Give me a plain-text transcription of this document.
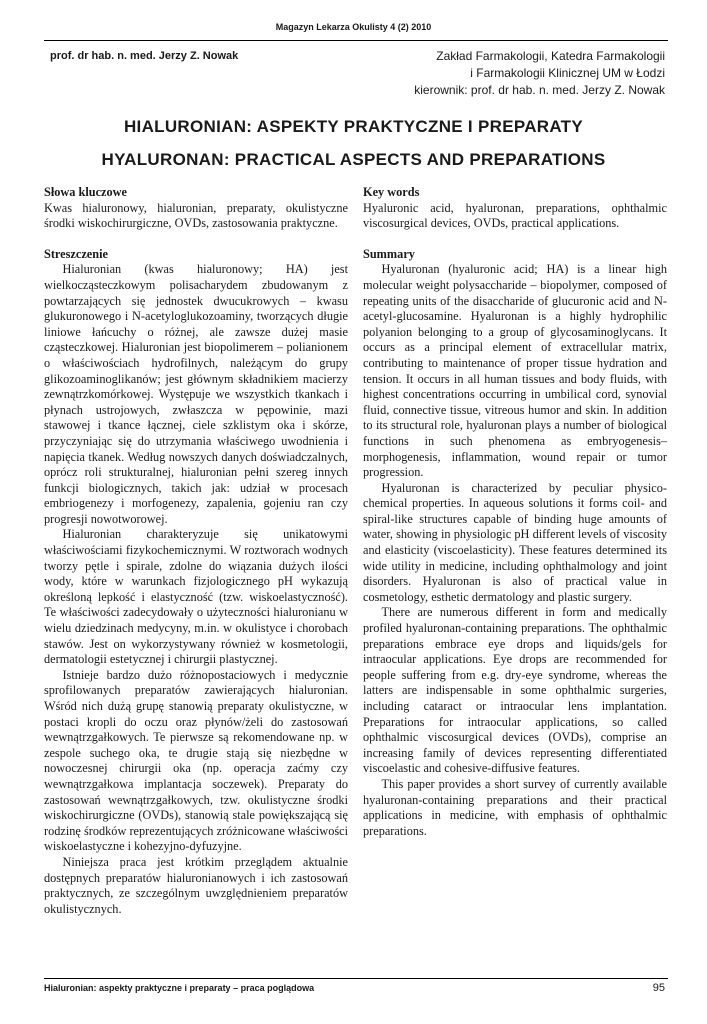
Magazyn Lekarza Okulisty 4 (2) 2010
prof. dr hab. n. med. Jerzy Z. Nowak	Zakład Farmakologii, Katedra Farmakologii
i Farmakologii Klinicznej UM w Łodzi
kierownik: prof. dr hab. n. med. Jerzy Z. Nowak
HIALURONIAN: ASPEKTY PRAKTYCZNE I PREPARATY
HYALURONAN: PRACTICAL ASPECTS AND PREPARATIONS

Słowa kluczowe

Kwas hialuronowy, hialuronian, preparaty, okulistyczne środki wiskochirurgiczne, OVDs, zastosowania praktyczne.

Streszczenie

Hialuronian (kwas hialuronowy; HA) jest wielkocząsteczkowym polisacharydem zbudowanym z powtarzających się jednostek dwucukrowych – kwasu glukuronowego i N-acetyloglukozoaminy, tworzących długie liniowe łańcuchy o różnej, ale zawsze dużej masie cząsteczkowej. Hialuronian jest biopolimerem – polianionem o właściwościach hydrofilnych, należącym do grupy glikozoaminoglikanów; jest głównym składnikiem macierzy zewnątrzkomórkowej. Występuje we wszystkich tkankach i płynach ustrojowych, zwłaszcza w pępowinie, mazi stawowej i tkance łącznej, ciele szklistym oka i skórze, przyczyniając się do utrzymania właściwego uwodnienia i napięcia tkanek. Według nowszych danych doświadczalnych, oprócz roli strukturalnej, hialuronian pełni szereg innych funkcji biologicznych, takich jak: udział w procesach embriogenezy i morfogenezy, zapalenia, gojeniu ran czy progresji nowotworowej.

Hialuronian charakteryzuje się unikatowymi właściwościami fizykochemicznymi. W roztworach wodnych tworzy pętle i spirale, zdolne do wiązania dużych ilości wody, które w warunkach fizjologicznego pH wykazują określoną lepkość i elastyczność (tzw. wiskoelastyczność). Te właściwości zadecydowały o użyteczności hialuronianu w wielu dziedzinach medycyny, m.in. w okulistyce i chorobach stawów. Jest on wykorzystywany również w kosmetologii, dermatologii estetycznej i chirurgii plastycznej.

Istnieje bardzo dużo różnopostaciowych i medycznie sprofilowanych preparatów zawierających hialuronian. Wśród nich dużą grupę stanowią preparaty okulistyczne, w postaci kropli do oczu oraz płynów/żeli do zastosowań wewnątrzgałkowych. Te pierwsze są rekomendowane np. w zespole suchego oka, te drugie stają się niezbędne w nowoczesnej chirurgii oka (np. operacja zaćmy czy wewnątrzgałkowa implantacja soczewek). Preparaty do zastosowań wewnątrzgałkowych, tzw. okulistyczne środki wiskochirurgiczne (OVDs), stanowią stale powiększającą się rodzinę środków reprezentujących zróżnicowane właściwości wiskoelastyczne i kohezyjno-dyfuzyjne.

Niniejsza praca jest krótkim przeglądem aktualnie dostępnych preparatów hialuronianowych i ich zastosowań praktycznych, ze szczególnym uwzględnieniem preparatów okulistycznych.

Key words

Hyaluronic acid, hyaluronan, preparations, ophthalmic viscosurgical devices, OVDs, practical applications.

Summary

Hyaluronan (hyaluronic acid; HA) is a linear high molecular weight polysaccharide – biopolymer, composed of repeating units of the disaccharide of glucuronic acid and N-acetyl-glucosamine. Hyaluronan is a highly hydrophilic polyanion belonging to a group of glycosaminoglycans. It occurs as a principal element of extracellular matrix, contributing to maintenance of proper tissue hydration and tension. It occurs in all human tissues and body fluids, with highest concentrations occurring in umbilical cord, synovial fluid, connective tissue, vitreous humor and skin. In addition to its structural role, hyaluronan plays a number of biological functions in such phenomena as embryogenesis–morphogenesis, inflammation, wound repair or tumor progression.

Hyaluronan is characterized by peculiar physico-chemical properties. In aqueous solutions it forms coil- and spiral-like structures capable of binding huge amounts of water, showing in physiologic pH different levels of viscosity and elasticity (viscoelasticity). These features determined its wide utility in medicine, including ophthalmology and joint disorders. Hyaluronan is also of practical value in cosmetology, esthetic dermatology and plastic surgery.

There are numerous different in form and medically profiled hyaluronan-containing preparations. The ophthalmic preparations embrace eye drops and liquids/gels for intraocular applications. Eye drops are recommended for people suffering from e.g. dry-eye syndrome, whereas the latters are indispensable in some ophthalmic surgeries, including cataract or intraocular lens implantation. Preparations for intraocular applications, so called ophthalmic viscosurgical devices (OVDs), comprise an increasing family of devices representing differentiated viscoelastic and cohesive-diffusive features.

This paper provides a short survey of currently available hyaluronan-containing preparations and their practical applications in medicine, with emphasis of ophthalmic preparations.

Hialuronian: aspekty praktyczne i preparaty – praca poglądowa	95
